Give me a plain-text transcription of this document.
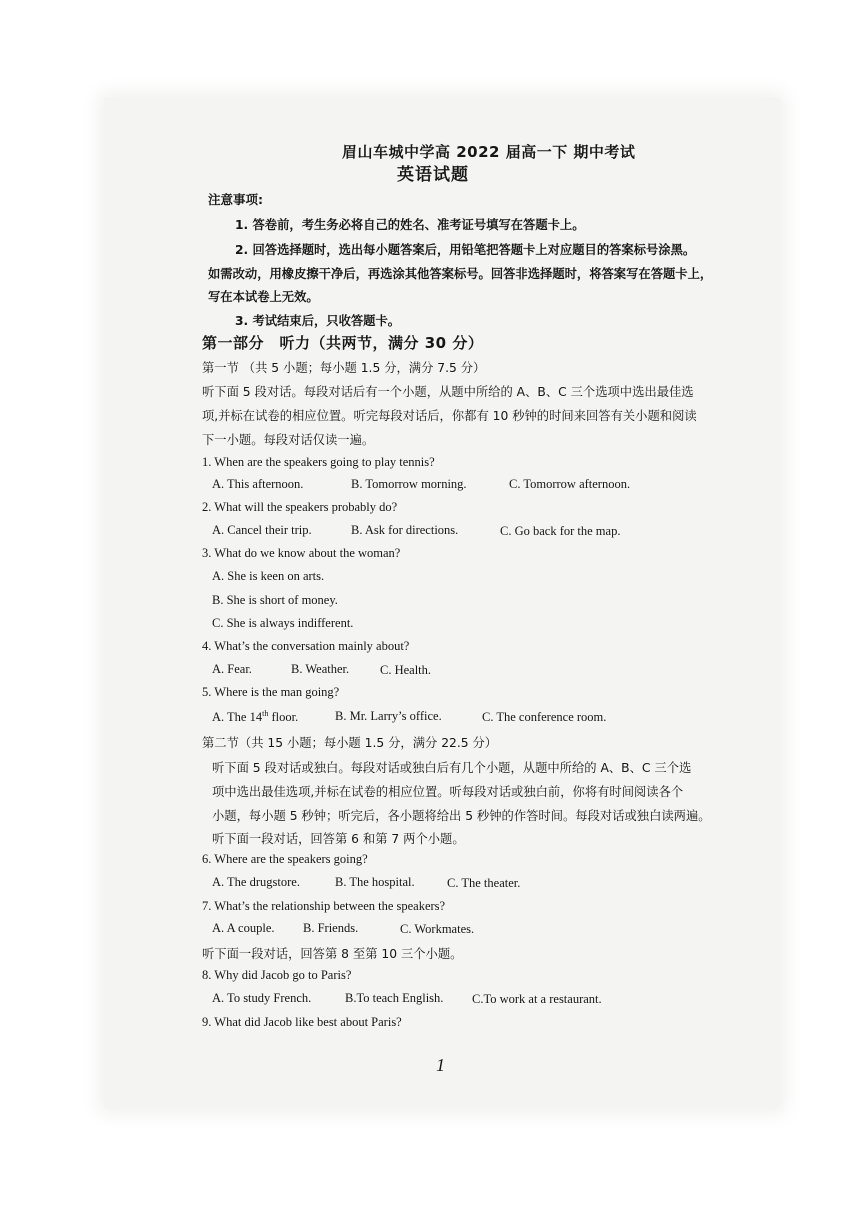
眉山车城中学高 2022 届高一下 期中考试
英语试题
注意事项:
1. 答卷前，考生务必将自己的姓名、准考证号填写在答题卡上。
2. 回答选择题时，选出每小题答案后，用铅笔把答题卡上对应题目的答案标号涂黑。
如需改动，用橡皮擦干净后，再选涂其他答案标号。回答非选择题时，将答案写在答题卡上，
写在本试卷上无效。
3. 考试结束后，只收答题卡。
第一部分　听力（共两节，满分 30 分）
第一节 （共 5 小题；每小题 1.5 分，满分 7.5 分）
听下面 5 段对话。每段对话后有一个小题，从题中所给的 A、B、C 三个选项中选出最佳选
项,并标在试卷的相应位置。听完每段对话后，你都有 10 秒钟的时间来回答有关小题和阅读
下一小题。每段对话仅读一遍。
1. When are the speakers going to play tennis?
A. This afternoon.	B. Tomorrow morning.	C. Tomorrow afternoon.
2. What will the speakers probably do?
A. Cancel their trip.	B. Ask for directions.	C. Go back for the map.
3. What do we know about the woman?
A. She is keen on arts.
B. She is short of money.
C. She is always indifferent.
4. What’s the conversation mainly about?
A. Fear.	B. Weather. C. Health.
5. Where is the man going?
A. The 14th floor.	B. Mr. Larry’s office.	C. The conference room.
第二节（共 15 小题；每小题 1.5 分，满分 22.5 分）
听下面 5 段对话或独白。每段对话或独白后有几个小题，从题中所给的 A、B、C 三个选
项中选出最佳选项,并标在试卷的相应位置。听每段对话或独白前，你将有时间阅读各个
小题，每小题 5 秒钟；听完后，各小题将给出 5 秒钟的作答时间。每段对话或独白读两遍。
听下面一段对话，回答第 6 和第 7 两个小题。
6. Where are the speakers going?
A. The drugstore.	B. The hospital.	C. The theater.
7. What’s the relationship between the speakers?
A. A couple. B. Friends.	C. Workmates.
听下面一段对话，回答第 8 至第 10 三个小题。
8. Why did Jacob go to Paris?
A. To study French.	B.To teach English. C.To work at a restaurant.
9. What did Jacob like best about Paris?
1
